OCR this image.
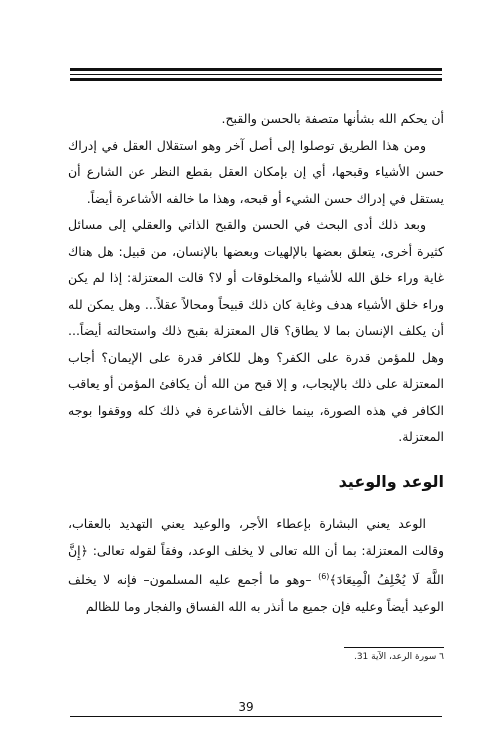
أن يحكم الله بشأنها متصفة بالحسن والقبح.

ومن هذا الطريق توصلوا إلى أصل آخر وهو استقلال العقل في إدراك حسن الأشياء وقبحها، أي إن بإمكان العقل بقطع النظر عن الشارع أن يستقل في إدراك حسن الشيء أو قبحه، وهذا ما خالفه الأشاعرة أيضاً.

وبعد ذلك أدى البحث في الحسن والقبح الذاتي والعقلي إلى مسائل كثيرة أخرى، يتعلق بعضها بالإلهيات وبعضها بالإنسان، من قبيل: هل هناك غاية وراء خلق الله للأشياء والمخلوقات أو لا؟ قالت المعتزلة: إذا لم يكن وراء خلق الأشياء هدف وغاية كان ذلك قبيحاً ومحالاً عقلاً... وهل يمكن لله أن يكلف الإنسان بما لا يطاق؟ قال المعتزلة بقبح ذلك واستحالته أيضاً... وهل للمؤمن قدرة على الكفر؟ وهل للكافر قدرة على الإيمان؟ أجاب المعتزلة على ذلك بالإيجاب، و إلا قبح من الله أن يكافئ المؤمن أو يعاقب الكافر في هذه الصورة، بينما خالف الأشاعرة في ذلك كله ووقفوا بوجه المعتزلة.

الوعد والوعيد

الوعد يعني البشارة بإعطاء الأجر، والوعيد يعني التهديد بالعقاب، وقالت المعتزلة: بما أن الله تعالى لا يخلف الوعد، وفقاً لقوله تعالى: ﴿إِنَّ اللَّهَ لَا يُخْلِفُ الْمِيعَادَ﴾$^{(6)}$ –وهو ما أجمع عليه المسلمون– فإنه لا يخلف الوعيد أيضاً وعليه فإن جميع ما أنذر به الله الفساق والفجار وما للظالم

٦ سورة الرعد، الآية 31.
39
